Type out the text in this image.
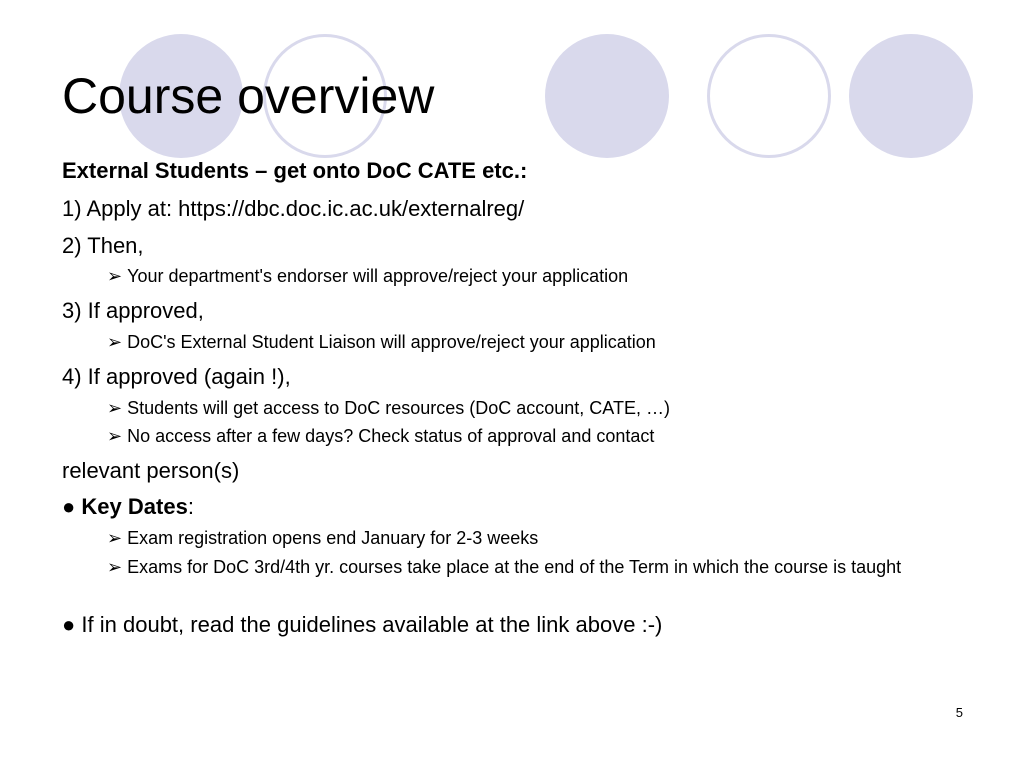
Course overview
External Students – get onto DoC CATE etc.:
1) Apply at: https://dbc.doc.ic.ac.uk/externalreg/
2) Then,
➢ Your department's endorser will approve/reject your application
3) If approved,
➢ DoC's External Student Liaison will approve/reject your application
4) If approved (again !),
➢ Students will get access to DoC resources (DoC account, CATE, …)
➢ No access after a few days? Check status of approval and contact
relevant person(s)
● Key Dates:
➢ Exam registration opens end January for 2-3 weeks
➢ Exams for DoC 3rd/4th yr. courses take place at the end of the Term in which the course is taught
● If in doubt, read the guidelines available at the link above :-)
5
